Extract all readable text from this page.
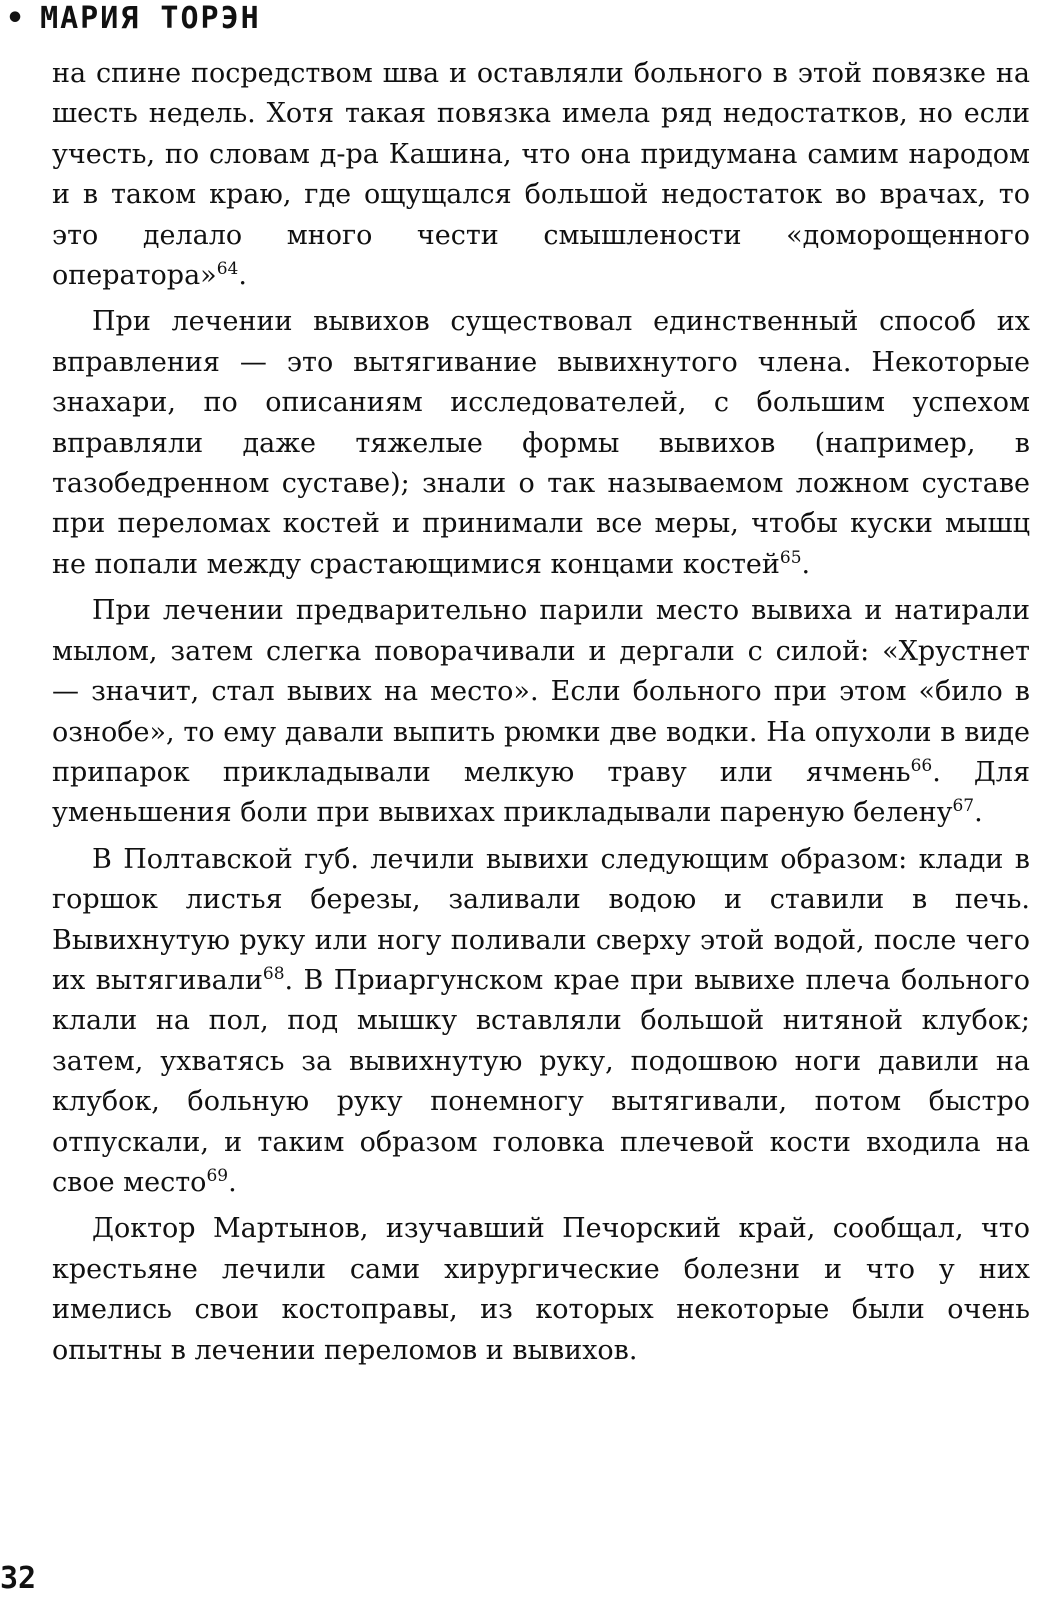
• МАРИЯ ТОРЭН

на спине посредством шва и оставляли больного в этой повязке на шесть недель. Хотя такая повязка имела ряд недостатков, но если учесть, по словам д-ра Кашина, что она придумана самим народом и в таком краю, где ощущался большой недостаток во врачах, то это делало много чести смышлености «доморощенного оператора»$^{64}$.

При лечении вывихов существовал единственный способ их вправления — это вытягивание вывихнутого члена. Некоторые знахари, по описаниям исследователей, с большим успехом вправляли даже тяжелые формы вывихов (например, в тазобедренном суставе); знали о так называемом ложном суставе при переломах костей и принимали все меры, чтобы куски мышц не попали между срастающимися концами костей$^{65}$.

При лечении предварительно парили место вывиха и натирали мылом, затем слегка поворачивали и дергали с силой: «Хрустнет — значит, стал вывих на место». Если больного при этом «било в ознобе», то ему давали выпить рюмки две водки. На опухоли в виде припарок прикладывали мелкую траву или ячмень$^{66}$. Для уменьшения боли при вывихах прикладывали пареную белену$^{67}$.

В Полтавской губ. лечили вывихи следующим образом: клади в горшок листья березы, заливали водою и ставили в печь. Вывихнутую руку или ногу поливали сверху этой водой, после чего их вытягивали$^{68}$. В Приаргунском крае при вывихе плеча больного клали на пол, под мышку вставляли большой нитяной клубок; затем, ухватясь за вывихнутую руку, подошвою ноги давили на клубок, больную руку понемногу вытягивали, потом быстро отпускали, и таким образом головка плечевой кости входила на свое место$^{69}$.

Доктор Мартынов, изучавший Печорский край, сообщал, что крестьяне лечили сами хирургические болезни и что у них имелись свои костоправы, из которых некоторые были очень опытны в лечении переломов и вывихов.

32
